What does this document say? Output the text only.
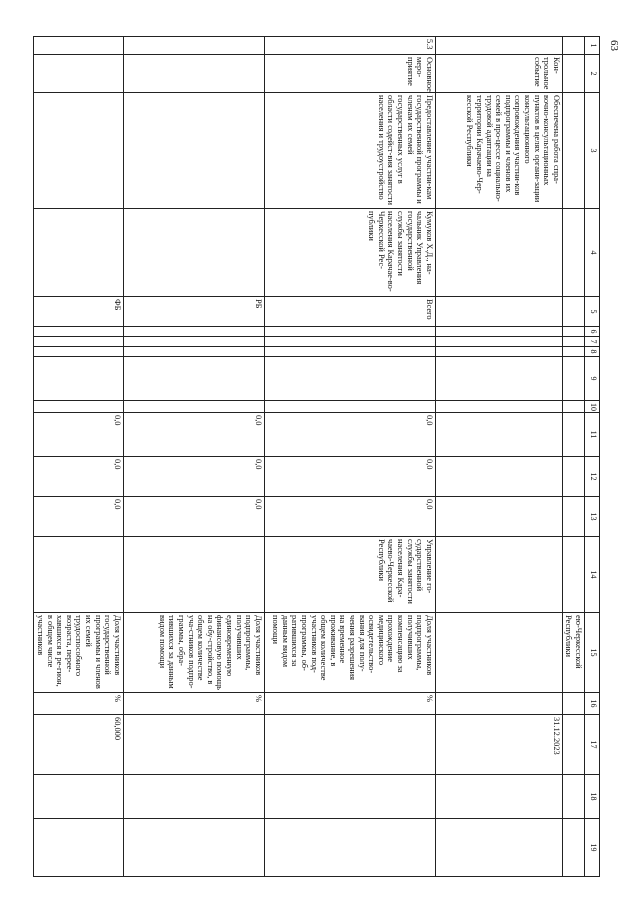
63
1	2	3	4	5	6	7	8	9	10	11	12	13	14	15	16	17	18	19
														ею-Черкесской Республики				
	Кон-трольное событие	Обеспечена работа спра-вочно-консультационных пунктов в целях органи-зации консультационного сопровождения участни-ков подпрограммы и членов их семей в про-цессе социально-трудовой адаптации на территории Карачаево-Чер-кесской Республики														31.12.2023		
5.3	Основное меро-приятие	Предоставление участни-кам государственной программы и членам их семей государственных услуг в области содейст-вия занятости населения и трудоустройство	Кумуков Х.Д., на-чальник Управления государственной службы занятости населения Карачае-во-Черкесской Рес-публики	Всего						0,0	0,0	0,0	Управление го-сударственной службы занятости населения Кара-чаево-Черкесской Республики	Доля участников подпрограммы, получивших компенсацию за прохождение медицинского освидетельство-вания для полу-чения разрешения на временное проживание, в общем количестве участников под-программы, об-ратившихся за данным видом помощи	%			
				РБ						0,0	0,0	0,0		Доля участников подпрограммы, получивших единовременную финансовую помощь на обу-стройство, в общем количестве уча-стников подпро-граммы, обра-тившихся за данным видом помощи	%			
				ФБ						0,0	0,0	0,0		Доля участников государственной программы и членов их семей трудоспособного возраста, перее-хавшихся в ре-гион, в общем числе участников	%	60,000		
